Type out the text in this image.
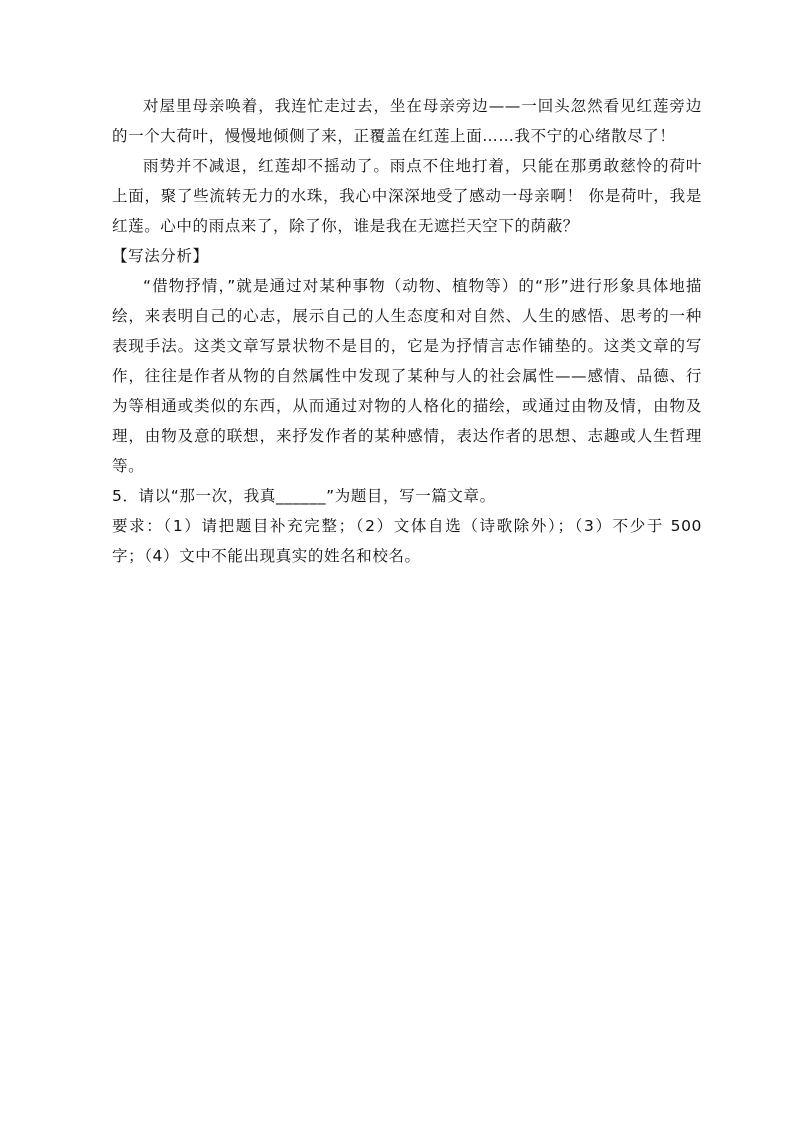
对屋里母亲唤着，我连忙走过去，坐在母亲旁边——一回头忽然看见红莲旁边的一个大荷叶，慢慢地倾侧了来，正覆盖在红莲上面……我不宁的心绪散尽了！

雨势并不减退，红莲却不摇动了。雨点不住地打着，只能在那勇敢慈怜的荷叶上面，聚了些流转无力的水珠，我心中深深地受了感动一母亲啊！ 你是荷叶，我是红莲。心中的雨点来了，除了你，谁是我在无遮拦天空下的荫蔽？

【写法分析】

“借物抒情，”就是通过对某种事物（动物、植物等）的“形”进行形象具体地描绘，来表明自己的心志，展示自己的人生态度和对自然、人生的感悟、思考的一种表现手法。这类文章写景状物不是目的，它是为抒情言志作铺垫的。这类文章的写作，往往是作者从物的自然属性中发现了某种与人的社会属性——感情、品德、行为等相通或类似的东西，从而通过对物的人格化的描绘，或通过由物及情，由物及理，由物及意的联想，来抒发作者的某种感情，表达作者的思想、志趣或人生哲理等。

5．请以“那一次，我真______”为题目，写一篇文章。

要求：（1）请把题目补充完整；（2）文体自选（诗歌除外）；（3）不少于 500 字；（4）文中不能出现真实的姓名和校名。
